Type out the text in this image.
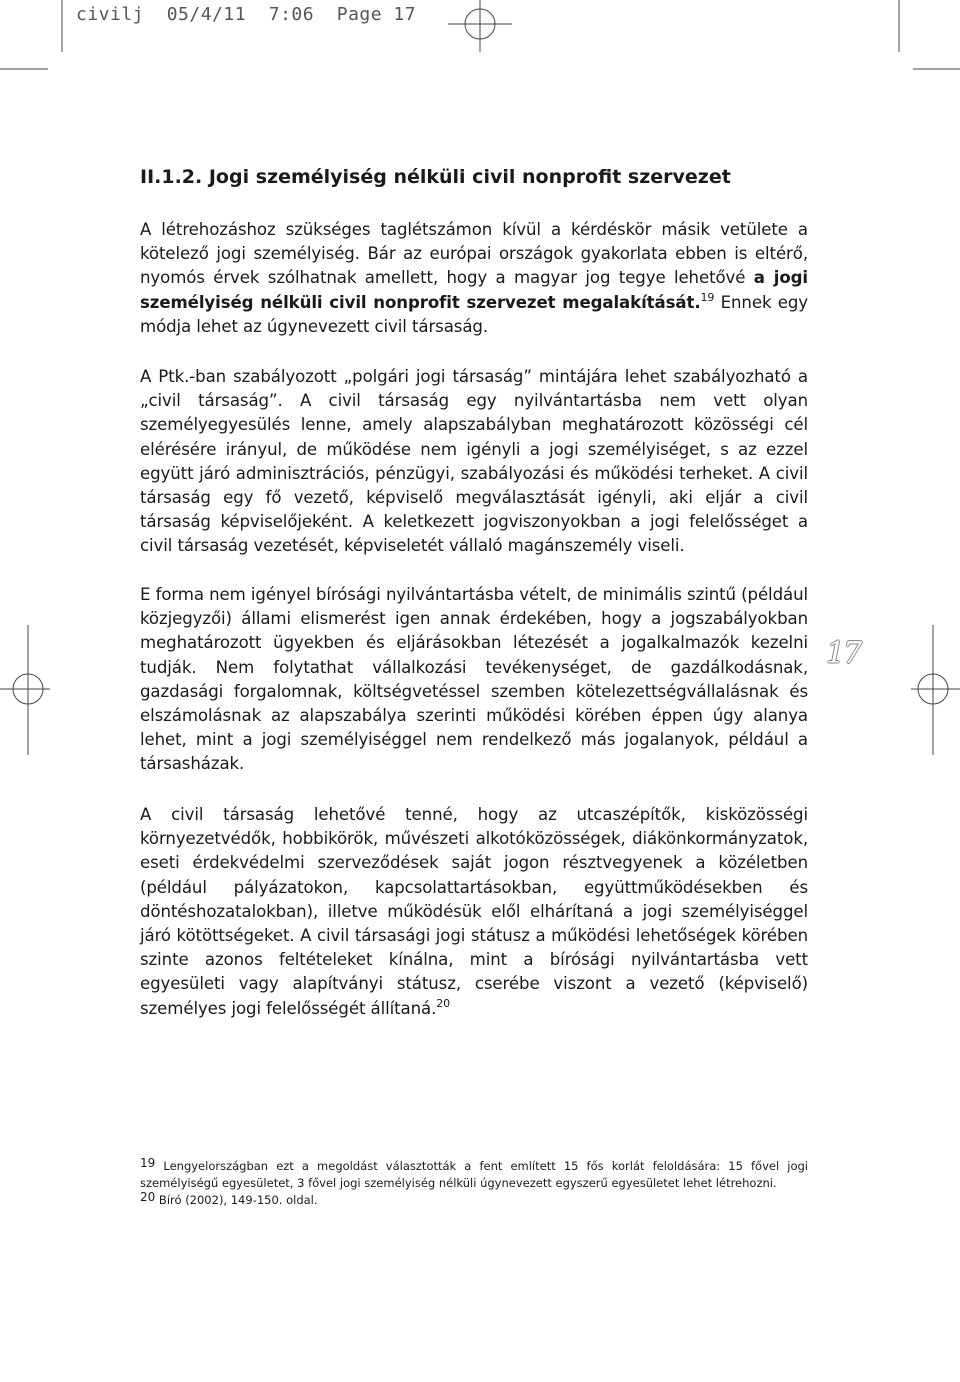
civilj  05/4/11  7:06  Page 17
II.1.2. Jogi személyiség nélküli civil nonprofit szervezet

A létrehozáshoz szükséges taglétszámon kívül a kérdéskör másik vetülete a kötelező jogi személyiség. Bár az európai országok gyakorlata ebben is eltérő, nyomós érvek szólhatnak amellett, hogy a magyar jog tegye lehetővé a jogi személyiség nélküli civil nonprofit szervezet megalakítását.$^{19}$ Ennek egy módja lehet az úgynevezett civil társaság.

A Ptk.-ban szabályozott „polgári jogi társaság” mintájára lehet szabályozható a „civil társaság”. A civil társaság egy nyilvántartásba nem vett olyan személyegyesülés lenne, amely alapszabályban meghatározott közösségi cél elérésére irányul, de működése nem igényli a jogi személyiséget, s az ezzel együtt járó adminisztrációs, pénzügyi, szabályozási és működési terheket. A civil társaság egy fő vezető, képviselő megválasztását igényli, aki eljár a civil társaság képviselőjeként. A keletkezett jogviszonyokban a jogi felelősséget a civil társaság vezetését, képviseletét vállaló magánszemély viseli.

E forma nem igényel bírósági nyilvántartásba vételt, de minimális szintű (például közjegyzői) állami elismerést igen annak érdekében, hogy a jogszabályokban meghatározott ügyekben és eljárásokban létezését a jogalkalmazók kezelni tudják. Nem folytathat vállalkozási tevékenységet, de gazdálkodásnak, gazdasági forgalomnak, költségvetéssel szemben kötelezettségvállalásnak és elszámolásnak az alapszabálya szerinti működési körében éppen úgy alanya lehet, mint a jogi személyiséggel nem rendelkező más jogalanyok, például a társasházak.

A civil társaság lehetővé tenné, hogy az utcaszépítők, kisközösségi környezetvédők, hobbikörök, művészeti alkotóközösségek, diákönkormányzatok, eseti érdekvédelmi szerveződések saját jogon résztvegyenek a közéletben (például pályázatokon, kapcsolattartásokban, együttműködésekben és döntéshozatalokban), illetve működésük elől elhárítaná a jogi személyiséggel járó kötöttségeket. A civil társasági jogi státusz a működési lehetőségek körében szinte azonos feltételeket kínálna, mint a bírósági nyilvántartásba vett egyesületi vagy alapítványi státusz, cserébe viszont a vezető (képviselő) személyes jogi felelősségét állítaná.$^{20}$

$^{19}$ Lengyelországban ezt a megoldást választották a fent említett 15 fős korlát feloldására: 15 fővel jogi személyiségű egyesületet, 3 fővel jogi személyiség nélküli úgynevezett egyszerű egyesületet lehet létrehozni.

$^{20}$ Bíró (2002), 149-150. oldal.

17
